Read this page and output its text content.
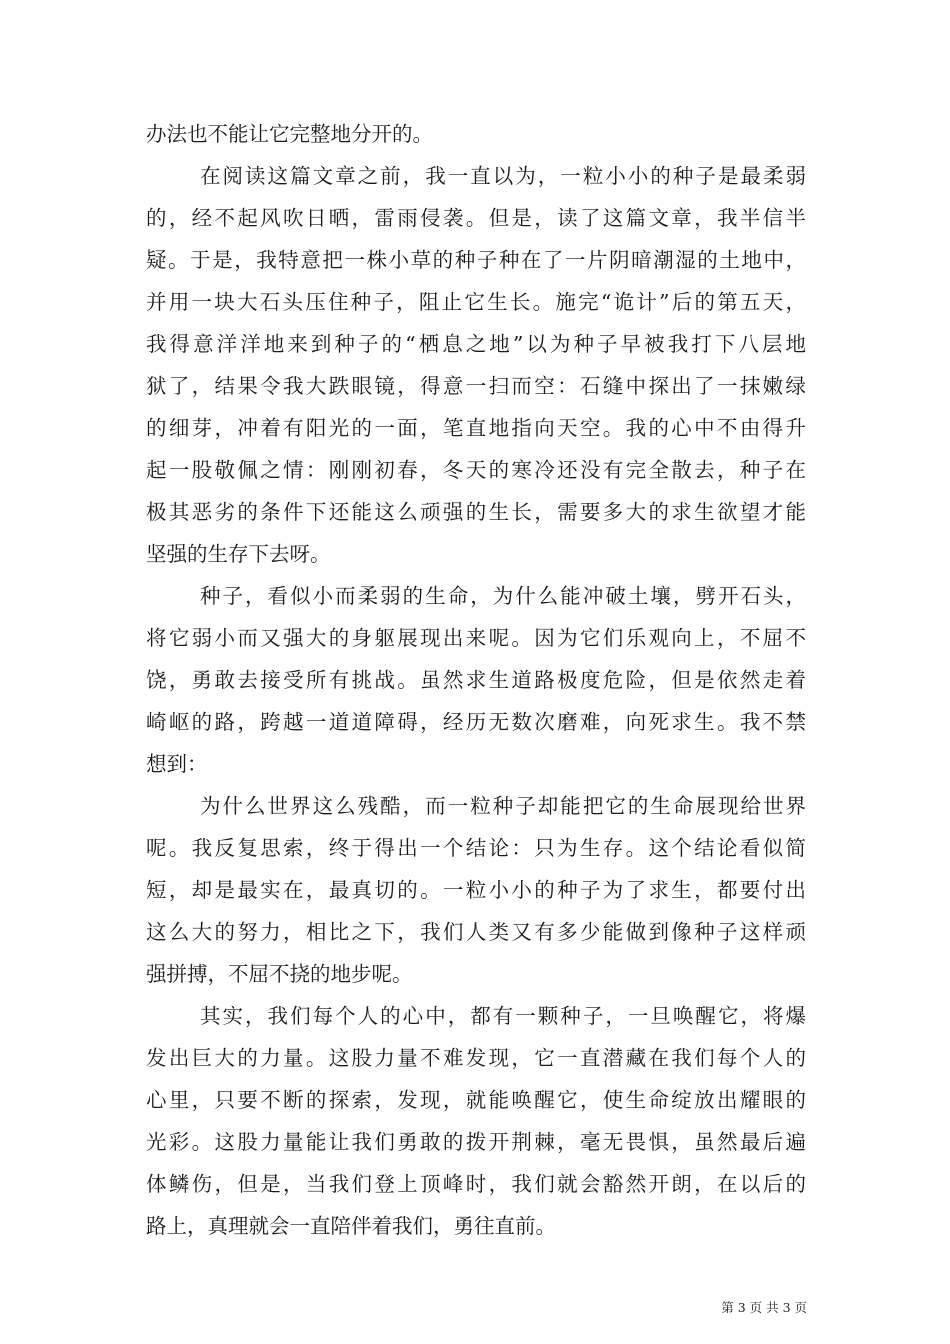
办法也不能让它完整地分开的。
在阅读这篇文章之前，我一直以为，一粒小小的种子是最柔弱
的，经不起风吹日晒，雷雨侵袭。但是，读了这篇文章，我半信半
疑。于是，我特意把一株小草的种子种在了一片阴暗潮湿的土地中，
并用一块大石头压住种子，阻止它生长。施完“诡计”后的第五天，
我得意洋洋地来到种子的“栖息之地”以为种子早被我打下八层地
狱了，结果令我大跌眼镜，得意一扫而空：石缝中探出了一抹嫩绿
的细芽，冲着有阳光的一面，笔直地指向天空。我的心中不由得升
起一股敬佩之情：刚刚初春，冬天的寒冷还没有完全散去，种子在
极其恶劣的条件下还能这么顽强的生长，需要多大的求生欲望才能
坚强的生存下去呀。
种子，看似小而柔弱的生命，为什么能冲破土壤，劈开石头，
将它弱小而又强大的身躯展现出来呢。因为它们乐观向上，不屈不
饶，勇敢去接受所有挑战。虽然求生道路极度危险，但是依然走着
崎岖的路，跨越一道道障碍，经历无数次磨难，向死求生。我不禁
想到：
为什么世界这么残酷，而一粒种子却能把它的生命展现给世界
呢。我反复思索，终于得出一个结论：只为生存。这个结论看似简
短，却是最实在，最真切的。一粒小小的种子为了求生，都要付出
这么大的努力，相比之下，我们人类又有多少能做到像种子这样顽
强拼搏，不屈不挠的地步呢。
其实，我们每个人的心中，都有一颗种子，一旦唤醒它，将爆
发出巨大的力量。这股力量不难发现，它一直潜藏在我们每个人的
心里，只要不断的探索，发现，就能唤醒它，使生命绽放出耀眼的
光彩。这股力量能让我们勇敢的拨开荆棘，毫无畏惧，虽然最后遍
体鳞伤，但是，当我们登上顶峰时，我们就会豁然开朗，在以后的
路上，真理就会一直陪伴着我们，勇往直前。
第 3 页 共 3 页
